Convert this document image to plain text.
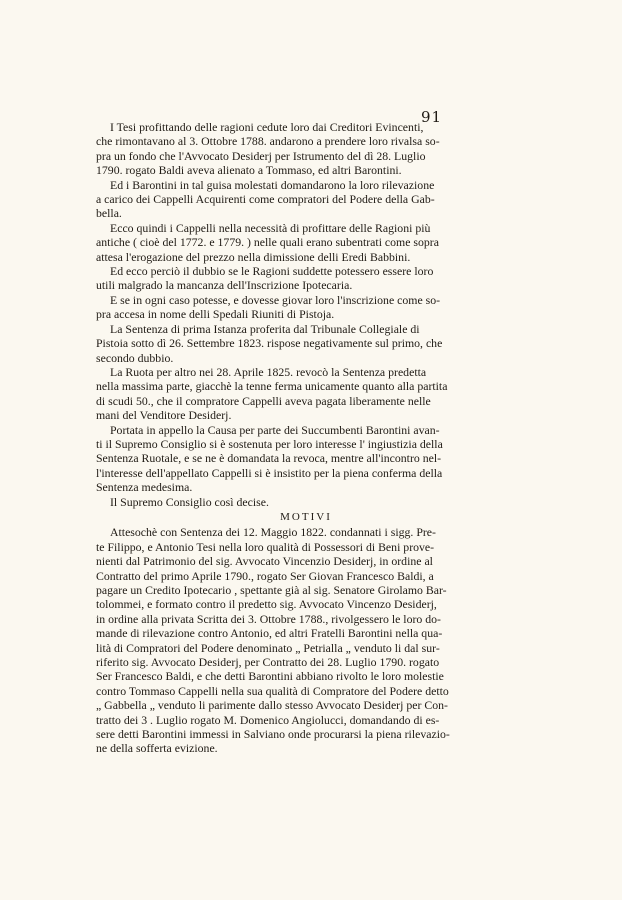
91
I Tesi profittando delle ragioni cedute loro dai Creditori Evincenti,
che rimontavano al 3. Ottobre 1788. andarono a prendere loro rivalsa so-
pra un fondo che l'Avvocato Desiderj per Istrumento del dì 28. Luglio
1790. rogato Baldi aveva alienato a Tommaso, ed altri Barontini.
Ed i Barontini in tal guisa molestati domandarono la loro rilevazione
a carico dei Cappelli Acquirenti come compratori del Podere della Gab-
bella.
Ecco quindi i Cappelli nella necessità di profittare delle Ragioni più
antiche ( cioè del 1772. e 1779. ) nelle quali erano subentrati come sopra
attesa l'erogazione del prezzo nella dimissione delli Eredi Babbini.
Ed ecco perciò il dubbio se le Ragioni suddette potessero essere loro
utili malgrado la mancanza dell'Inscrizione Ipotecaria.
E se in ogni caso potesse, e dovesse giovar loro l'inscrizione come so-
pra accesa in nome delli Spedali Riuniti di Pistoja.
La Sentenza di prima Istanza proferita dal Tribunale Collegiale di
Pistoia sotto dì 26. Settembre 1823. rispose negativamente sul primo, che
secondo dubbio.
La Ruota per altro nei 28. Aprile 1825. revocò la Sentenza predetta
nella massima parte, giacchè la tenne ferma unicamente quanto alla partita
di scudi 50., che il compratore Cappelli aveva pagata liberamente nelle
mani del Venditore Desiderj.
Portata in appello la Causa per parte dei Succumbenti Barontini avan-
ti il Supremo Consiglio si è sostenuta per loro interesse l' ingiustizia della
Sentenza Ruotale, e se ne è domandata la revoca, mentre all'incontro nel-
l'interesse dell'appellato Cappelli si è insistito per la piena conferma della
Sentenza medesima.
Il Supremo Consiglio così decise.
MOTIVI
Attesochè con Sentenza dei 12. Maggio 1822. condannati i sigg. Pre-
te Filippo, e Antonio Tesi nella loro qualità di Possessori di Beni prove-
nienti dal Patrimonio del sig. Avvocato Vincenzio Desiderj, in ordine al
Contratto del primo Aprile 1790., rogato Ser Giovan Francesco Baldi, a
pagare un Credito Ipotecario , spettante già al sig. Senatore Girolamo Bar-
tolommei, e formato contro il predetto sig. Avvocato Vincenzo Desiderj,
in ordine alla privata Scritta dei 3. Ottobre 1788., rivolgessero le loro do-
mande di rilevazione contro Antonio, ed altri Fratelli Barontini nella qua-
lità di Compratori del Podere denominato „ Petrialla „ venduto li dal sur-
riferito sig. Avvocato Desiderj, per Contratto dei 28. Luglio 1790. rogato
Ser Francesco Baldi, e che detti Barontini abbiano rivolto le loro molestie
contro Tommaso Cappelli nella sua qualità di Compratore del Podere detto
„ Gabbella „ venduto li parimente dallo stesso Avvocato Desiderj per Con-
tratto dei 3 . Luglio rogato M. Domenico Angiolucci, domandando di es-
sere detti Barontini immessi in Salviano onde procurarsi la piena rilevazio-
ne della sofferta evizione.
